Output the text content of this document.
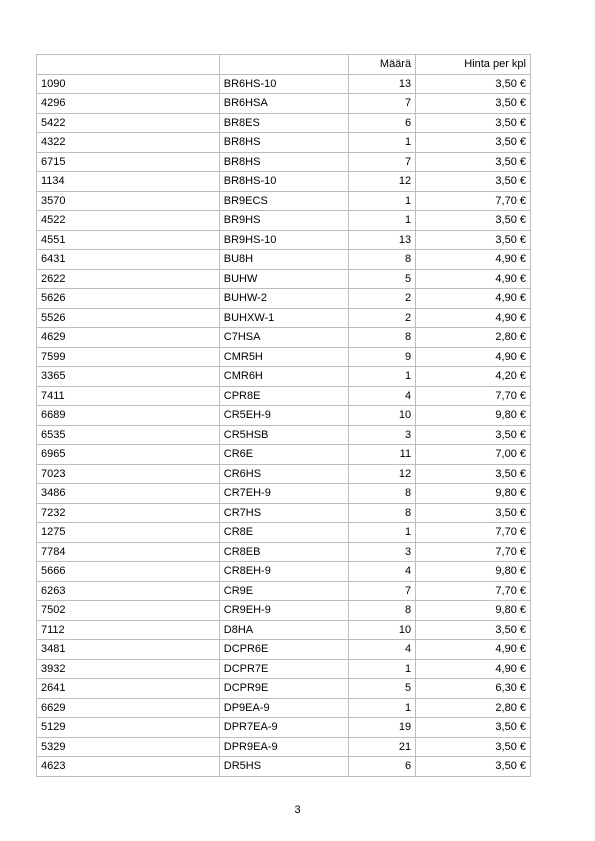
		Määrä	Hinta per kpl
1090	BR6HS-10	13	3,50 €
4296	BR6HSA	7	3,50 €
5422	BR8ES	6	3,50 €
4322	BR8HS	1	3,50 €
6715	BR8HS	7	3,50 €
1134	BR8HS-10	12	3,50 €
3570	BR9ECS	1	7,70 €
4522	BR9HS	1	3,50 €
4551	BR9HS-10	13	3,50 €
6431	BU8H	8	4,90 €
2622	BUHW	5	4,90 €
5626	BUHW-2	2	4,90 €
5526	BUHXW-1	2	4,90 €
4629	C7HSA	8	2,80 €
7599	CMR5H	9	4,90 €
3365	CMR6H	1	4,20 €
7411	CPR8E	4	7,70 €
6689	CR5EH-9	10	9,80 €
6535	CR5HSB	3	3,50 €
6965	CR6E	11	7,00 €
7023	CR6HS	12	3,50 €
3486	CR7EH-9	8	9,80 €
7232	CR7HS	8	3,50 €
1275	CR8E	1	7,70 €
7784	CR8EB	3	7,70 €
5666	CR8EH-9	4	9,80 €
6263	CR9E	7	7,70 €
7502	CR9EH-9	8	9,80 €
7112	D8HA	10	3,50 €
3481	DCPR6E	4	4,90 €
3932	DCPR7E	1	4,90 €
2641	DCPR9E	5	6,30 €
6629	DP9EA-9	1	2,80 €
5129	DPR7EA-9	19	3,50 €
5329	DPR9EA-9	21	3,50 €
4623	DR5HS	6	3,50 €
3
